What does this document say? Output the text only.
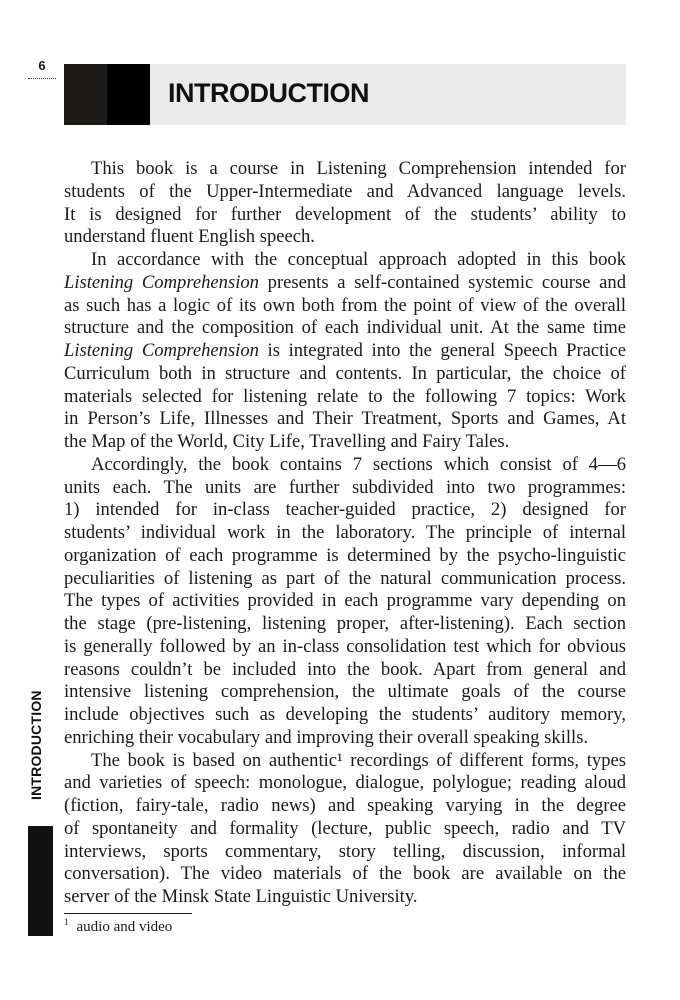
6
INTRODUCTION
This book is a course in Listening Comprehension intended for
students of the Upper-Intermediate and Advanced language levels.
It is designed for further development of the students’ ability to
understand fluent English speech.
In accordance with the conceptual approach adopted in this book
Listening Comprehension presents a self-contained systemic course and
as such has a logic of its own both from the point of view of the overall
structure and the composition of each individual unit. At the same time
Listening Comprehension is integrated into the general Speech Practice
Curriculum both in structure and contents. In particular, the choice of
materials selected for listening relate to the following 7 topics: Work
in Person’s Life, Illnesses and Their Treatment, Sports and Games, At
the Map of the World, City Life, Travelling and Fairy Tales.
Accordingly, the book contains 7 sections which consist of 4—6
units each. The units are further subdivided into two programmes:
1) intended for in-class teacher-guided practice, 2) designed for
students’ individual work in the laboratory. The principle of internal
organization of each programme is determined by the psycho-linguistic
peculiarities of listening as part of the natural communication process.
The types of activities provided in each programme vary depending on
the stage (pre-listening, listening proper, after-listening). Each section
is generally followed by an in-class consolidation test which for obvious
reasons couldn’t be included into the book. Apart from general and
intensive listening comprehension, the ultimate goals of the course
include objectives such as developing the students’ auditory memory,
enriching their vocabulary and improving their overall speaking skills.
The book is based on authentic¹ recordings of different forms, types
and varieties of speech: monologue, dialogue, polylogue; reading aloud
(fiction, fairy-tale, radio news) and speaking varying in the degree
of spontaneity and formality (lecture, public speech, radio and TV
interviews, sports commentary, story telling, discussion, informal
conversation). The video materials of the book are available on the
server of the Minsk State Linguistic University.
INTRODUCTION
$^1$ audio and video
